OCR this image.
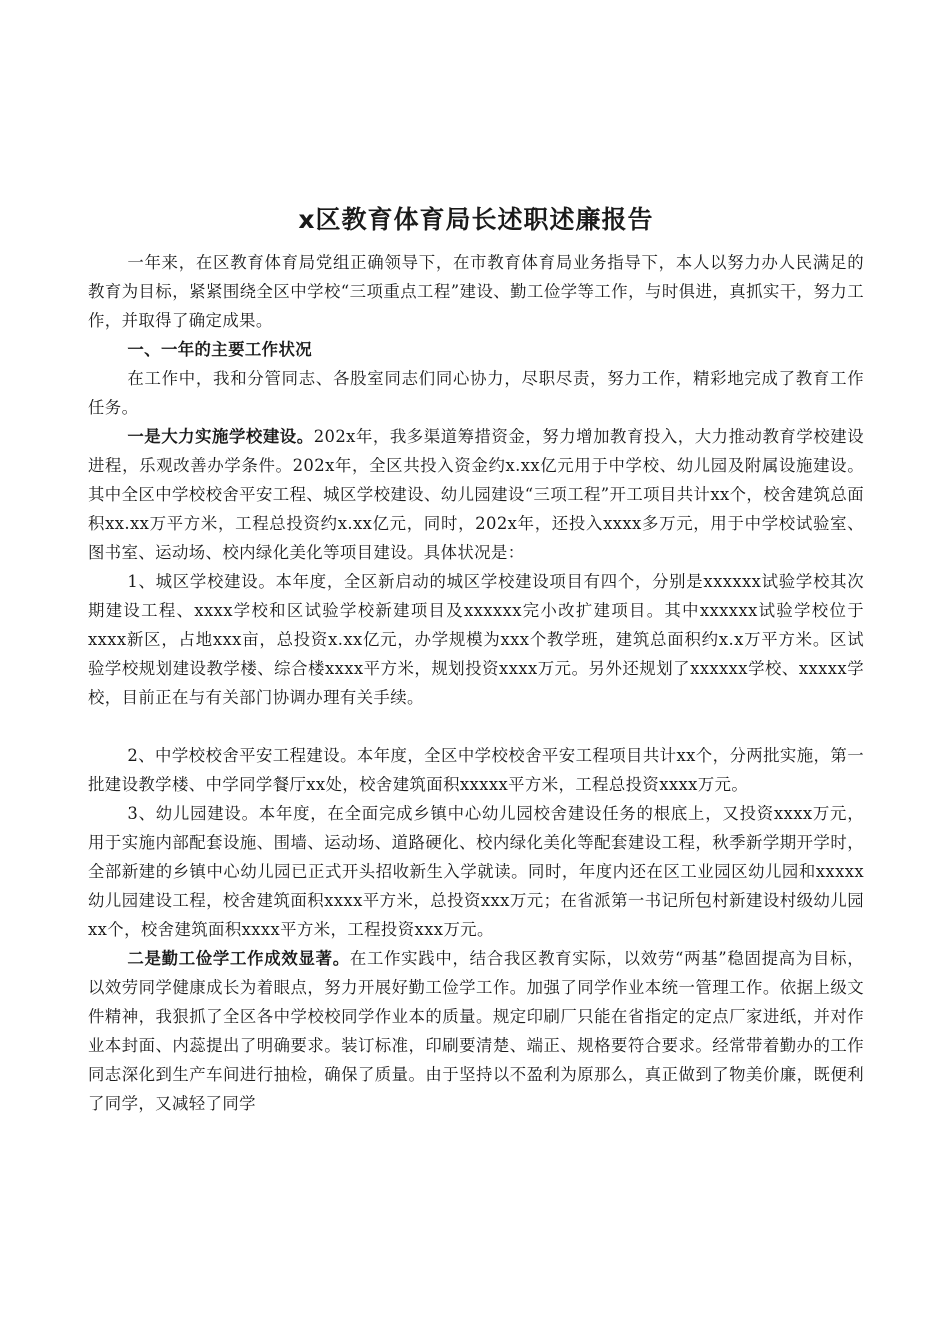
x区教育体育局长述职述廉报告

一年来，在区教育体育局党组正确领导下，在市教育体育局业务指导下，本人以努力办人民满足的教育为目标，紧紧围绕全区中学校“三项重点工程”建设、勤工俭学等工作，与时俱进，真抓实干，努力工作，并取得了确定成果。

一、一年的主要工作状况

在工作中，我和分管同志、各股室同志们同心协力，尽职尽责，努力工作，精彩地完成了教育工作任务。

一是大力实施学校建设。202x年，我多渠道筹措资金，努力增加教育投入，大力推动教育学校建设进程，乐观改善办学条件。202x年，全区共投入资金约x.xx亿元用于中学校、幼儿园及附属设施建设。其中全区中学校校舍平安工程、城区学校建设、幼儿园建设“三项工程”开工项目共计xx个，校舍建筑总面积xx.xx万平方米，工程总投资约x.xx亿元，同时，202x年，还投入xxxx多万元，用于中学校试验室、图书室、运动场、校内绿化美化等项目建设。具体状况是：

1、城区学校建设。本年度，全区新启动的城区学校建设项目有四个，分别是xxxxxx试验学校其次期建设工程、xxxx学校和区试验学校新建项目及xxxxxx完小改扩建项目。其中xxxxxx试验学校位于xxxx新区，占地xxx亩，总投资x.xx亿元，办学规模为xxx个教学班，建筑总面积约x.x万平方米。区试验学校规划建设教学楼、综合楼xxxx平方米，规划投资xxxx万元。另外还规划了xxxxxx学校、xxxxx学校，目前正在与有关部门协调办理有关手续。

2、中学校校舍平安工程建设。本年度，全区中学校校舍平安工程项目共计xx个，分两批实施，第一批建设教学楼、中学同学餐厅xx处，校舍建筑面积xxxxx平方米，工程总投资xxxx万元。

3、幼儿园建设。本年度，在全面完成乡镇中心幼儿园校舍建设任务的根底上，又投资xxxx万元，用于实施内部配套设施、围墙、运动场、道路硬化、校内绿化美化等配套建设工程，秋季新学期开学时，全部新建的乡镇中心幼儿园已正式开头招收新生入学就读。同时，年度内还在区工业园区幼儿园和xxxxx幼儿园建设工程，校舍建筑面积xxxx平方米，总投资xxx万元；在省派第一书记所包村新建设村级幼儿园xx个，校舍建筑面积xxxx平方米，工程投资xxx万元。

二是勤工俭学工作成效显著。在工作实践中，结合我区教育实际，以效劳“两基”稳固提高为目标，以效劳同学健康成长为着眼点，努力开展好勤工俭学工作。加强了同学作业本统一管理工作。依据上级文件精神，我狠抓了全区各中学校校同学作业本的质量。规定印刷厂只能在省指定的定点厂家进纸，并对作业本封面、内蕊提出了明确要求。装订标准，印刷要清楚、端正、规格要符合要求。经常带着勤办的工作同志深化到生产车间进行抽检，确保了质量。由于坚持以不盈利为原那么，真正做到了物美价廉，既便利了同学，又减轻了同学
